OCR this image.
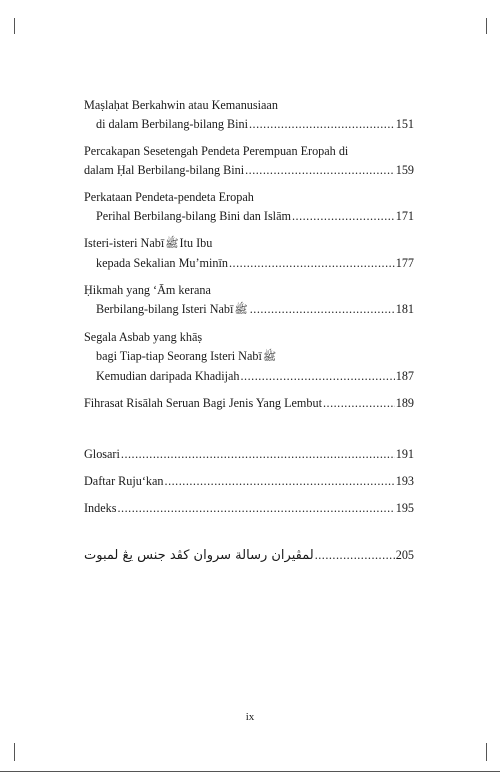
Maṣlaḥat Berkahwin atau Kemanusiaan
di dalam Berbilang-bilang Bini .....	151
Percakapan Sesetengah Pendeta Perempuan Eropah di
dalam Ḥal Berbilang-bilang Bini .....	159
Perkataan Pendeta-pendeta Eropah
Perihal Berbilang-bilang Bini dan Islām .....	171
Isteri-isteri Nabī ﷺ Itu Ibu
kepada Sekalian Mu’minīn .....	177
Ḥikmah yang ʻĀm kerana
Berbilang-bilang Isteri Nabī ﷺ .....	181
Segala Asbab yang khāṣ
bagi Tiap-tiap Seorang Isteri Nabī ﷺ
Kemudian daripada Khadijah .....	187
Fihrasat Risālah Seruan Bagi Jenis Yang Lembut .....	189
Glosari .....	191
Daftar Ruju‘kan .....	193
Indeks .....	195
لمڤيران رسالة سروان كڤد جنس يڠ لمبوت .....	205
ix
